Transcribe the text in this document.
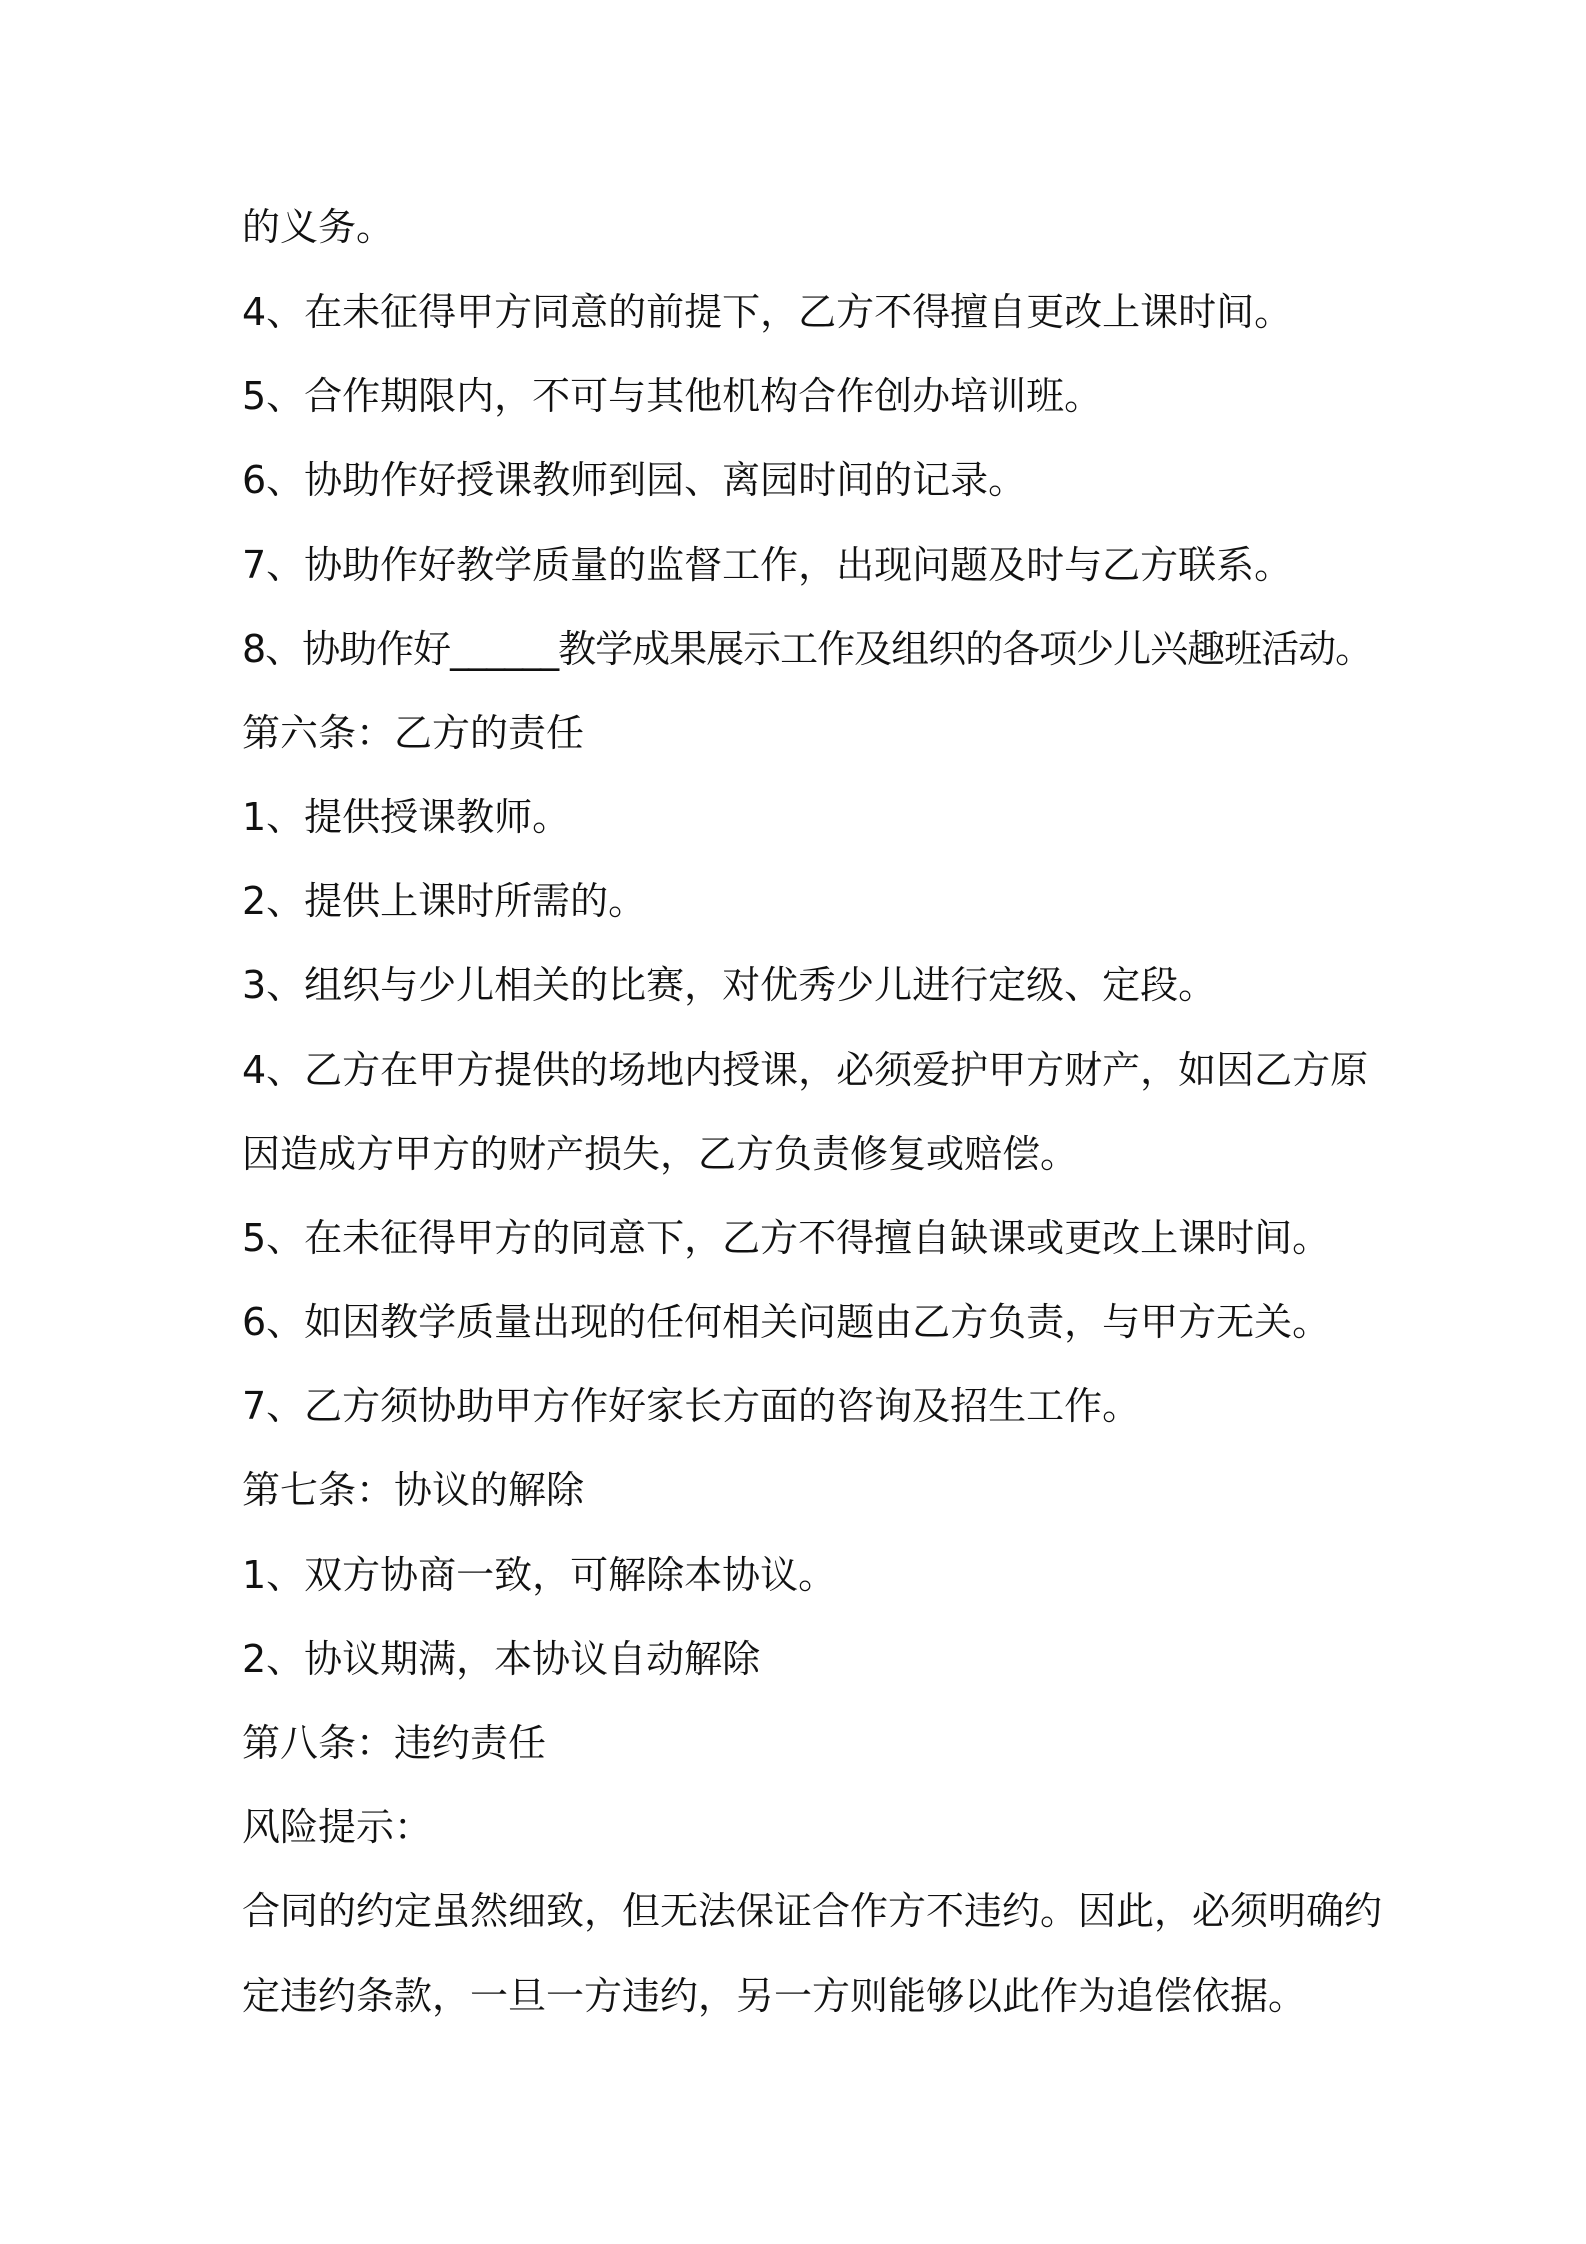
的义务。
4、在未征得甲方同意的前提下，乙方不得擅自更改上课时间。
5、合作期限内，不可与其他机构合作创办培训班。
6、协助作好授课教师到园、离园时间的记录。
7、协助作好教学质量的监督工作，出现问题及时与乙方联系。
8、协助作好______教学成果展示工作及组织的各项少儿兴趣班活动。
第六条：乙方的责任
1、提供授课教师。
2、提供上课时所需的。
3、组织与少儿相关的比赛，对优秀少儿进行定级、定段。
4、乙方在甲方提供的场地内授课，必须爱护甲方财产，如因乙方原
因造成方甲方的财产损失，乙方负责修复或赔偿。
5、在未征得甲方的同意下，乙方不得擅自缺课或更改上课时间。
6、如因教学质量出现的任何相关问题由乙方负责，与甲方无关。
7、乙方须协助甲方作好家长方面的咨询及招生工作。
第七条：协议的解除
1、双方协商一致，可解除本协议。
2、协议期满，本协议自动解除
第八条：违约责任
风险提示：
合同的约定虽然细致，但无法保证合作方不违约。因此，必须明确约
定违约条款，一旦一方违约，另一方则能够以此作为追偿依据。
